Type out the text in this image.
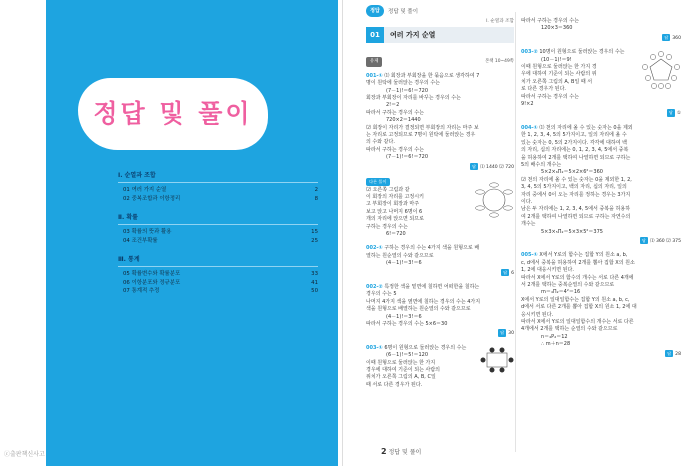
정답 및 풀이
Ⅰ. 순열과 조합
01 여러 가지 순열	2
02 중복조합과 이항정리	8
Ⅱ. 확률
03 확률의 뜻과 활용	15
04 조건부확률	25
Ⅲ. 통계
05 확률변수와 확률분포	33
06 이항분포와 정규분포	41
07 통계적 추정	50
ⓒ출판책신사고
정답	정답 및 풀이
Ⅰ. 순열과 조합
01	여러 가지 순열
유제	본책 10~49쪽
001-① ⑴ 회장과 부회장을 한 묶음으로 생각하여 7
명이 원탁에 둘러앉는 경우의 수는
(7－1)!＝6!＝720
회장과 부회장이 자리를 바꾸는 경우의 수는
2!＝2
따라서 구하는 경우의 수는
720×2＝1440
⑵ 회장이 자리가 결정되면 부회장의 자리는 마주 보
는 자리로 고정되므로 7명이 원탁에 둘러앉는 경우
의 수와 같다.
따라서 구하는 경우의 수는
(7－1)!＝6!＝720
답 ⑴ 1440 ⑵ 720
다른 풀이
⑵ 오른쪽 그림과 같
이 회장의 자리를 고정시키
고 부회장이 회장과 마주
보고 앉고 나머지 6명이 6
개의 자리에 앉으면 되므로
구하는 경우의 수는
6!＝720
002-① 구하는 경우의 수는 4가지 색을 원형으로 배
열하는 원순열의 수와 같으므로
(4－1)!＝3!＝6
답 6
002-② 특정한 색을 밑면에 칠하면 어떠한을 칠하는
경우의 수는 5
나머지 4가지 색을 옆면에 칠하는 경우의 수는 4가지
색을 원형으로 배열하는 원순열의 수와 같으므로
(4－1)!＝3!＝6
따라서 구하는 경우의 수는 5×6＝30
답 30
003-① 6명이 원형으로 둘러앉는 경우의 수는
(6－1)!＝5!＝120
이때 원형으로 둘러앉는 한 가지
경우에 대하여 기준이 되는 사람의
위치가 오른쪽 그림의 A, B, C일
때 서로 다른 경우가 된다.
2 정답 및 풀이
따라서 구하는 경우의 수는
120×3＝360
답 360
003-② 10명이 원형으로 둘러앉는 경우의 수는
(10－1)!＝9!
이때 원형으로 둘러앉는 한 가지 경
우에 대하여 기준이 되는 사람의 위
치가 오른쪽 그림의 A, B일 때 서
로 다른 경우가 된다.
따라서 구하는 경우의 수는
9!×2
답 ①
004-① ⑴ 천의 자리에 올 수 있는 숫자는 0을 제외
한 1, 2, 3, 4, 5의 5가지이고, 일의 자리에 올 수
있는 숫자는 0, 5의 2가지이다. 각각에 대하여 백
의 자리, 십의 자리에는 0, 1, 2, 3, 4, 5에서 중복
을 허용하여 2개를 택하여 나열하면 되므로 구하는
5의 배수의 개수는
5×2×₆Π₂＝5×2×6²＝360
⑵ 천의 자리에 올 수 있는 숫자는 0을 제외한 1, 2,
3, 4, 5의 5가지이고, 백의 자리, 십의 자리, 일의
자리 중에서 0이 오는 자리를 정하는 경우는 3가지
이다.
남은 두 자리에는 1, 2, 3, 4, 5에서 중복을 허용하
여 2개를 택하여 나열하면 되므로 구하는 자연수의
개수는
5×3×₅Π₂＝5×3×5²＝375
답 ⑴ 360 ⑵ 375
005-① X에서 Y로의 함수는 집합 Y의 원소 a, b,
c, d에서 중복을 허용하여 2개를 뽑아 집합 X의 원소
1, 2에 대응시키면 된다.
따라서 X에서 Y로의 함수의 개수는 서로 다른 4개에
서 2개를 택하는 중복순열의 수와 같으므로
m＝₄Π₂＝4²＝16
X에서 Y로의 일대일함수는 집합 Y의 원소 a, b, c,
d에서 서로 다른 2개를 뽑아 집합 X의 원소 1, 2에 대
응시키면 된다.
따라서 X에서 Y로의 일대일함수의 개수는 서로 다른
4개에서 2개를 택하는 순열의 수와 같으므로
n＝₄P₂＝12
∴ m＋n＝28
답 28
